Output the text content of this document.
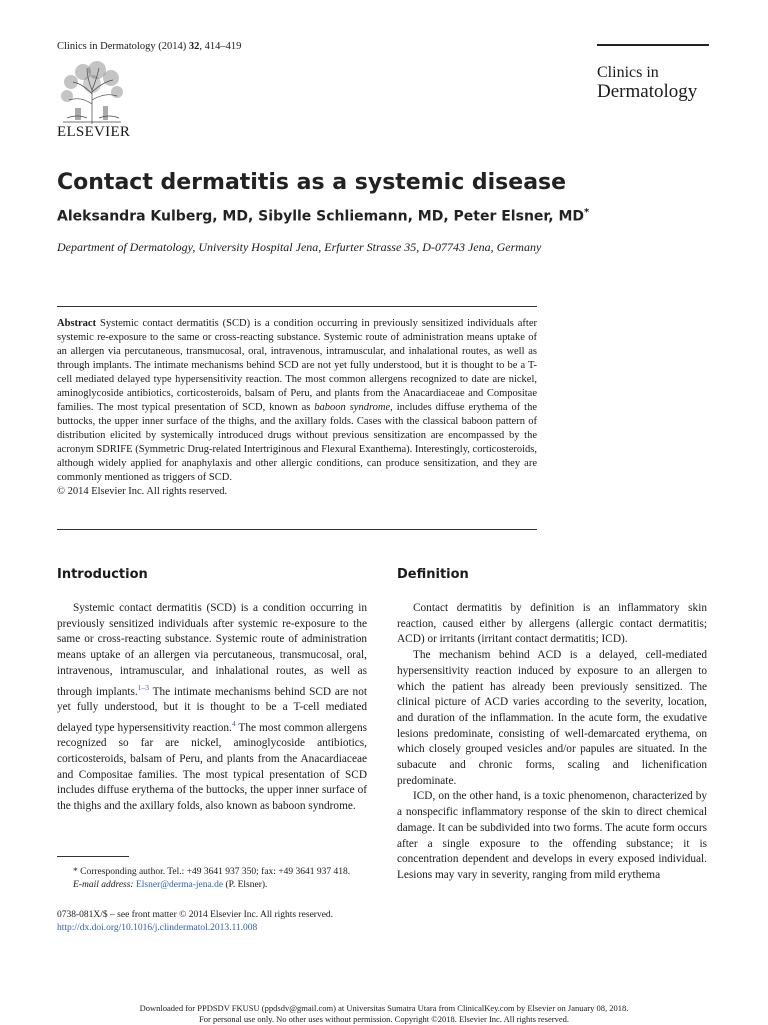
Clinics in Dermatology (2014) 32, 414–419
ELSEVIER
Clinics in
Dermatology
Contact dermatitis as a systemic disease
Aleksandra Kulberg, MD, Sibylle Schliemann, MD, Peter Elsner, MD*
Department of Dermatology, University Hospital Jena, Erfurter Strasse 35, D-07743 Jena, Germany
Abstract Systemic contact dermatitis (SCD) is a condition occurring in previously sensitized individuals after systemic re-exposure to the same or cross-reacting substance. Systemic route of administration means uptake of an allergen via percutaneous, transmucosal, oral, intravenous, intramuscular, and inhalational routes, as well as through implants. The intimate mechanisms behind SCD are not yet fully understood, but it is thought to be a T-cell mediated delayed type hypersensitivity reaction. The most common allergens recognized to date are nickel, aminoglycoside antibiotics, corticosteroids, balsam of Peru, and plants from the Anacardiaceae and Compositae families. The most typical presentation of SCD, known as baboon syndrome, includes diffuse erythema of the buttocks, the upper inner surface of the thighs, and the axillary folds. Cases with the classical baboon pattern of distribution elicited by systemically introduced drugs without previous sensitization are encompassed by the acronym SDRIFE (Symmetric Drug-related Intertriginous and Flexural Exanthema). Interestingly, corticosteroids, although widely applied for anaphylaxis and other allergic conditions, can produce sensitization, and they are commonly mentioned as triggers of SCD.
© 2014 Elsevier Inc. All rights reserved.
Introduction	Definition

Systemic contact dermatitis (SCD) is a condition occurring in previously sensitized individuals after systemic re-exposure to the same or cross-reacting substance. Systemic route of administration means uptake of an allergen via percutaneous, transmucosal, oral, intravenous, intramuscular, and inhalational routes, as well as through implants.$^{1-3}$ The intimate mechanisms behind SCD are not yet fully understood, but it is thought to be a T-cell mediated delayed type hypersensitivity reaction.$^4$ The most common allergens recognized so far are nickel, aminoglycoside antibiotics, corticosteroids, balsam of Peru, and plants from the Anacardiaceae and Compositae families. The most typical presentation of SCD includes diffuse erythema of the buttocks, the upper inner surface of the thighs and the axillary folds, also known as baboon syndrome.

Contact dermatitis by definition is an inflammatory skin reaction, caused either by allergens (allergic contact dermatitis; ACD) or irritants (irritant contact dermatitis; ICD).

The mechanism behind ACD is a delayed, cell-mediated hypersensitivity reaction induced by exposure to an allergen to which the patient has already been previously sensitized. The clinical picture of ACD varies according to the severity, location, and duration of the inflammation. In the acute form, the exudative lesions predominate, consisting of well-demarcated erythema, on which closely grouped vesicles and/or papules are situated. In the subacute and chronic forms, scaling and lichenification predominate.

ICD, on the other hand, is a toxic phenomenon, characterized by a nonspecific inflammatory response of the skin to direct chemical damage. It can be subdivided into two forms. The acute form occurs after a single exposure to the offending substance; it is concentration dependent and develops in every exposed individual. Lesions may vary in severity, ranging from mild erythema

* Corresponding author. Tel.: +49 3641 937 350; fax: +49 3641 937 418.
E-mail address: Elsner@derma-jena.de (P. Elsner).
0738-081X/$ – see front matter © 2014 Elsevier Inc. All rights reserved.
http://dx.doi.org/10.1016/j.clindermatol.2013.11.008
Downloaded for PPDSDV FKUSU (ppdsdv@gmail.com) at Universitas Sumatra Utara from ClinicalKey.com by Elsevier on January 08, 2018.
For personal use only. No other uses without permission. Copyright ©2018. Elsevier Inc. All rights reserved.
